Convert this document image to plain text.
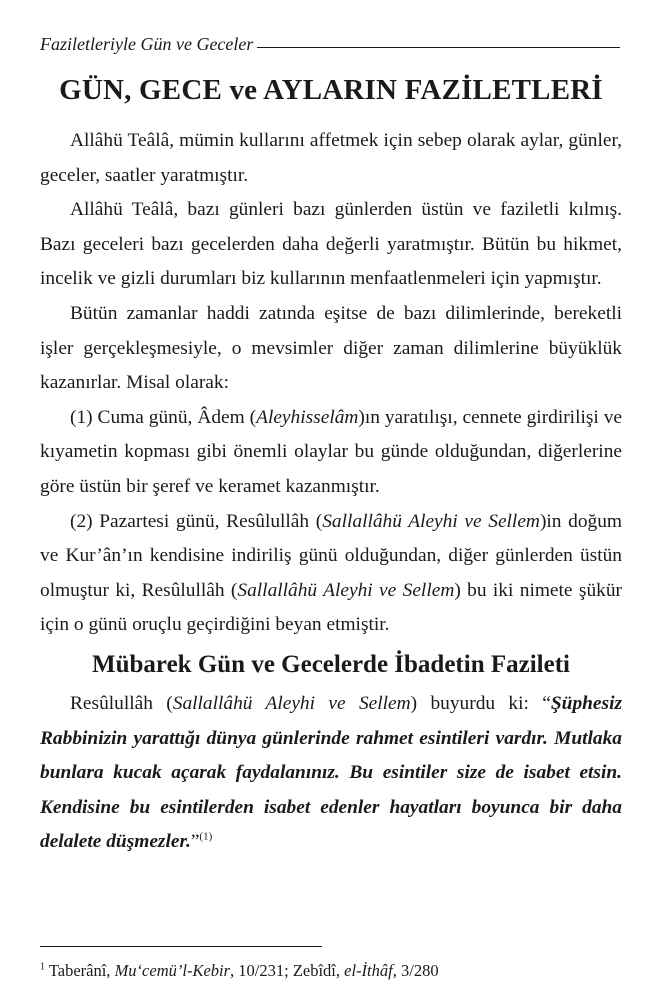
Faziletleriyle Gün ve Geceler
GÜN, GECE ve AYLARIN FAZİLETLERİ

Allâhü Teâlâ, mümin kullarını affetmek için sebep olarak aylar, günler, geceler, saatler yaratmıştır.

Allâhü Teâlâ, bazı günleri bazı günlerden üstün ve faziletli kılmış. Bazı geceleri bazı gecelerden daha değerli yaratmıştır. Bütün bu hikmet, incelik ve gizli durumları biz kullarının menfaatlenmeleri için yapmıştır.

Bütün zamanlar haddi zatında eşitse de bazı dilimlerinde, bereketli işler gerçekleşmesiyle, o mevsimler diğer zaman dilimlerine büyüklük kazanırlar. Misal olarak:

(1) Cuma günü, Âdem (Aleyhisselâm)ın yaratılışı, cennete girdirilişi ve kıyametin kopması gibi önemli olaylar bu günde olduğundan, diğerlerine göre üstün bir şeref ve keramet kazanmıştır.

(2) Pazartesi günü, Resûlullâh (Sallallâhü Aleyhi ve Sellem)in doğum ve Kur’ân’ın kendisine indiriliş günü olduğundan, diğer günlerden üstün olmuştur ki, Resûlullâh (Sallallâhü Aleyhi ve Sellem) bu iki nimete şükür için o günü oruçlu geçirdiğini beyan etmiştir.

Mübarek Gün ve Gecelerde İbadetin Fazileti

Resûlullâh (Sallallâhü Aleyhi ve Sellem) buyurdu ki: “Şüphesiz Rabbinizin yarattığı dünya günlerinde rahmet esintileri vardır. Mutlaka bunlara kucak açarak faydalanınız. Bu esintiler size de isabet etsin. Kendisine bu esintilerden isabet edenler hayatları boyunca bir daha delalete düşmezler.”$^{(1)}$

$^1$ Taberânî, Mu‘cemü’l-Kebir, 10/231; Zebîdî, el-İthâf, 3/280
